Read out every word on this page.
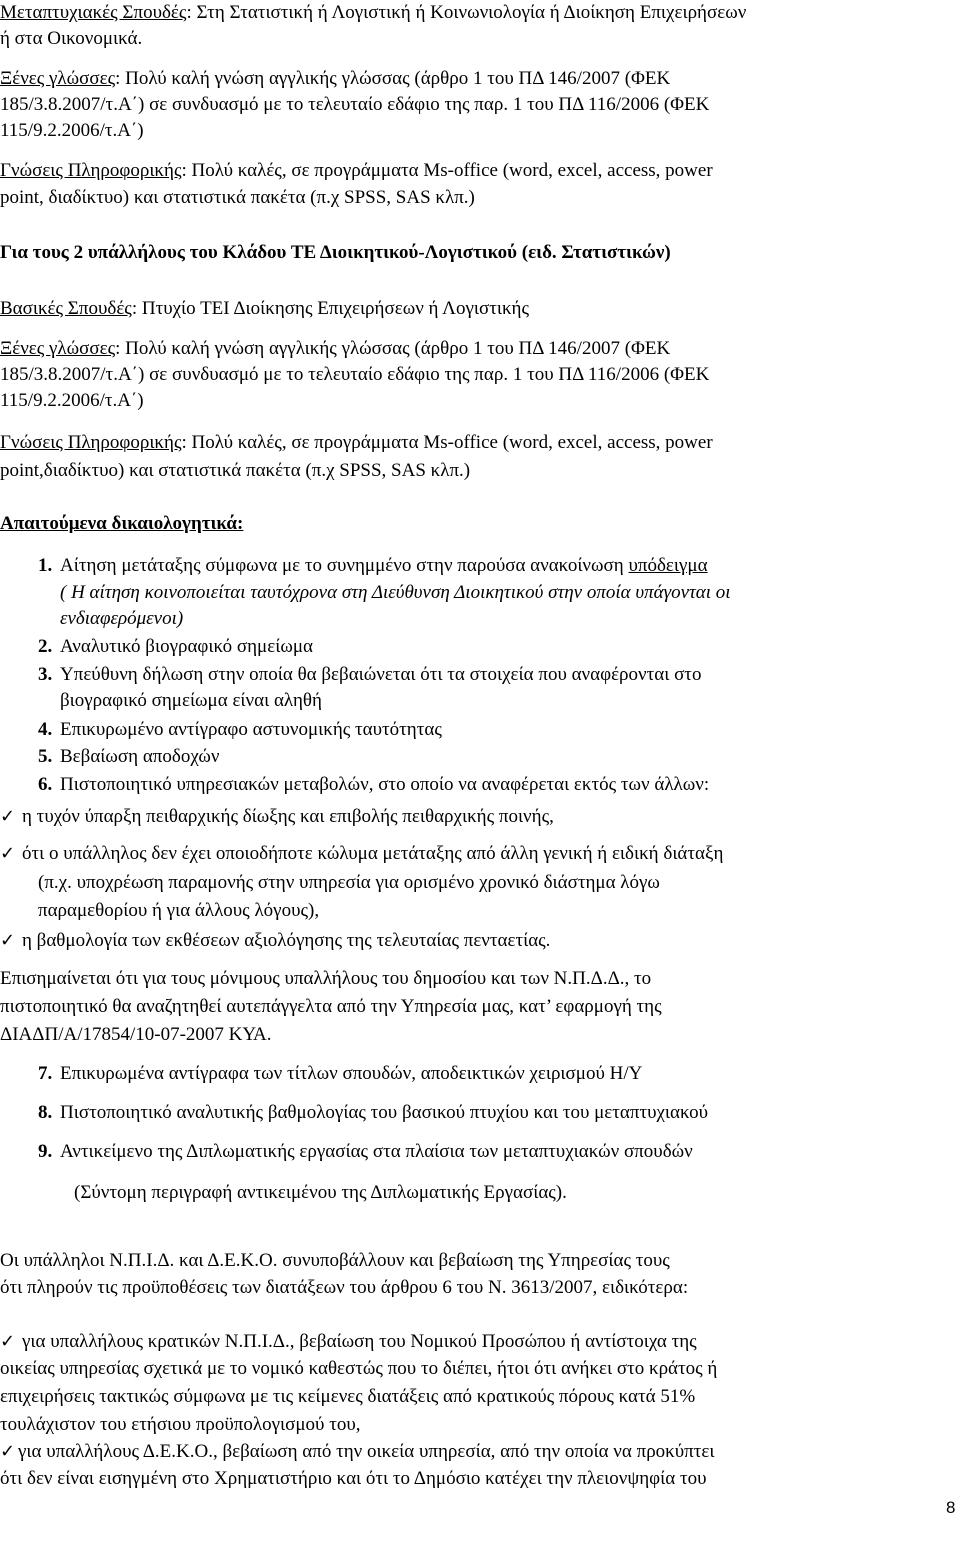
Μεταπτυχιακές Σπουδές: Στη Στατιστική ή Λογιστική ή Κοινωνιολογία ή Διοίκηση Επιχειρήσεων
ή στα Οικονομικά.
Ξένες γλώσσες: Πολύ καλή γνώση αγγλικής γλώσσας (άρθρο 1 του ΠΔ 146/2007 (ΦΕΚ
185/3.8.2007/τ.Α΄) σε συνδυασμό με το τελευταίο εδάφιο της παρ. 1 του ΠΔ 116/2006 (ΦΕΚ
115/9.2.2006/τ.Α΄)
Γνώσεις Πληροφορικής: Πολύ καλές, σε προγράμματα Ms-office (word, excel, access, power
point, διαδίκτυο) και στατιστικά πακέτα (π.χ SPSS, SAS κλπ.)
Για τους 2 υπάλλήλους του Κλάδου ΤΕ Διοικητικού-Λογιστικού (ειδ. Στατιστικών)
Βασικές Σπουδές: Πτυχίο ΤΕΙ Διοίκησης Επιχειρήσεων ή Λογιστικής
Ξένες γλώσσες: Πολύ καλή γνώση αγγλικής γλώσσας (άρθρο 1 του ΠΔ 146/2007 (ΦΕΚ
185/3.8.2007/τ.Α΄) σε συνδυασμό με το τελευταίο εδάφιο της παρ. 1 του ΠΔ 116/2006 (ΦΕΚ
115/9.2.2006/τ.Α΄)
Γνώσεις Πληροφορικής: Πολύ καλές, σε προγράμματα Ms-office (word, excel, access, power
point,διαδίκτυο) και στατιστικά πακέτα (π.χ SPSS, SAS κλπ.)
Απαιτούμενα δικαιολογητικά:
1. Αίτηση μετάταξης σύμφωνα με το συνημμένο στην παρούσα ανακοίνωση υπόδειγμα
( Η αίτηση κοινοποιείται ταυτόχρονα στη Διεύθυνση Διοικητικού στην οποία υπάγονται οι
ενδιαφερόμενοι)
2. Αναλυτικό βιογραφικό σημείωμα
3. Υπεύθυνη δήλωση στην οποία θα βεβαιώνεται ότι τα στοιχεία που αναφέρονται στο
βιογραφικό σημείωμα είναι αληθή
4. Επικυρωμένο αντίγραφο αστυνομικής ταυτότητας
5. Βεβαίωση αποδοχών
6. Πιστοποιητικό υπηρεσιακών μεταβολών, στο οποίο να αναφέρεται εκτός των άλλων:
✓ η τυχόν ύπαρξη πειθαρχικής δίωξης και επιβολής πειθαρχικής ποινής,
✓ ότι ο υπάλληλος δεν έχει οποιοδήποτε κώλυμα μετάταξης από άλλη γενική ή ειδική διάταξη
(π.χ. υποχρέωση παραμονής στην υπηρεσία για ορισμένο χρονικό διάστημα λόγω
παραμεθορίου ή για άλλους λόγους),
✓ η βαθμολογία των εκθέσεων αξιολόγησης της τελευταίας πενταετίας.
Επισημαίνεται ότι για τους μόνιμους υπαλλήλους του δημοσίου και των Ν.Π.Δ.Δ., το
πιστοποιητικό θα αναζητηθεί αυτεπάγγελτα από την Υπηρεσία μας, κατ’ εφαρμογή της
ΔΙΑΔΠ/Α/17854/10-07-2007 ΚΥΑ.
7. Επικυρωμένα αντίγραφα των τίτλων σπουδών, αποδεικτικών χειρισμού Η/Υ
8. Πιστοποιητικό αναλυτικής βαθμολογίας του βασικού πτυχίου και του μεταπτυχιακού
9. Αντικείμενο της Διπλωματικής εργασίας στα πλαίσια των μεταπτυχιακών σπουδών
(Σύντομη περιγραφή αντικειμένου της Διπλωματικής Εργασίας).
Οι υπάλληλοι Ν.Π.Ι.Δ. και Δ.Ε.Κ.Ο. συνυποβάλλουν και βεβαίωση της Υπηρεσίας τους
ότι πληρούν τις προϋποθέσεις των διατάξεων του άρθρου 6 του Ν. 3613/2007, ειδικότερα:
✓ για υπαλλήλους κρατικών Ν.Π.Ι.Δ., βεβαίωση του Νομικού Προσώπου ή αντίστοιχα της
οικείας υπηρεσίας σχετικά με το νομικό καθεστώς που το διέπει, ήτοι ότι ανήκει στο κράτος ή
επιχειρήσεις τακτικώς σύμφωνα με τις κείμενες διατάξεις από κρατικούς πόρους κατά 51%
τουλάχιστον του ετήσιου προϋπολογισμού του,
✓ για υπαλλήλους Δ.Ε.Κ.Ο., βεβαίωση από την οικεία υπηρεσία, από την οποία να προκύπτει
ότι δεν είναι εισηγμένη στο Χρηματιστήριο και ότι το Δημόσιο κατέχει την πλειονψηφία του
8
